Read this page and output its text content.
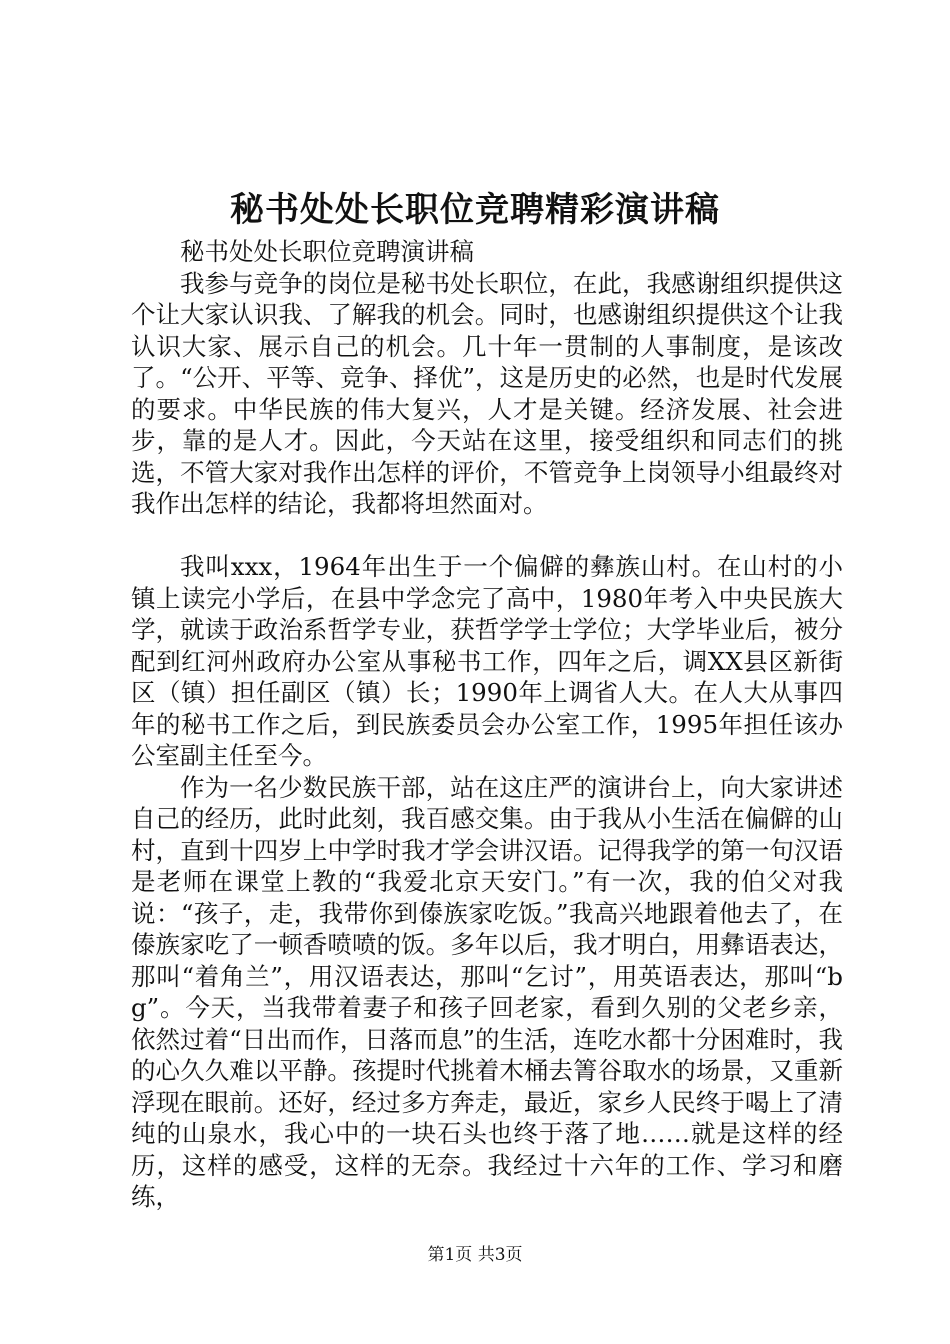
秘书处处长职位竞聘精彩演讲稿

秘书处处长职位竞聘演讲稿

我参与竞争的岗位是秘书处长职位，在此，我感谢组织提供这个让大家认识我、了解我的机会。同时，也感谢组织提供这个让我认识大家、展示自己的机会。几十年一贯制的人事制度，是该改了。“公开、平等、竞争、择优”，这是历史的必然，也是时代发展的要求。中华民族的伟大复兴，人才是关键。经济发展、社会进步，靠的是人才。因此，今天站在这里，接受组织和同志们的挑选，不管大家对我作出怎样的评价，不管竞争上岗领导小组最终对我作出怎样的结论，我都将坦然面对。

我叫xxx，1964年出生于一个偏僻的彝族山村。在山村的小镇上读完小学后，在县中学念完了高中，1980年考入中央民族大学，就读于政治系哲学专业，获哲学学士学位；大学毕业后，被分配到红河州政府办公室从事秘书工作，四年之后，调XX县区新街区（镇）担任副区（镇）长；1990年上调省人大。在人大从事四年的秘书工作之后，到民族委员会办公室工作，1995年担任该办公室副主任至今。

作为一名少数民族干部，站在这庄严的演讲台上，向大家讲述自己的经历，此时此刻，我百感交集。由于我从小生活在偏僻的山村，直到十四岁上中学时我才学会讲汉语。记得我学的第一句汉语是老师在课堂上教的“我爱北京天安门。”有一次，我的伯父对我说：“孩子，走，我带你到傣族家吃饭。”我高兴地跟着他去了，在傣族家吃了一顿香喷喷的饭。多年以后，我才明白，用彝语表达，那叫“着角兰”，用汉语表达，那叫“乞讨”，用英语表达，那叫“bg”。今天，当我带着妻子和孩子回老家，看到久别的父老乡亲，依然过着“日出而作，日落而息”的生活，连吃水都十分困难时，我的心久久难以平静。孩提时代挑着木桶去箐谷取水的场景，又重新浮现在眼前。还好，经过多方奔走，最近，家乡人民终于喝上了清纯的山泉水，我心中的一块石头也终于落了地……就是这样的经历，这样的感受，这样的无奈。我经过十六年的工作、学习和磨练，

第1页 共3页
